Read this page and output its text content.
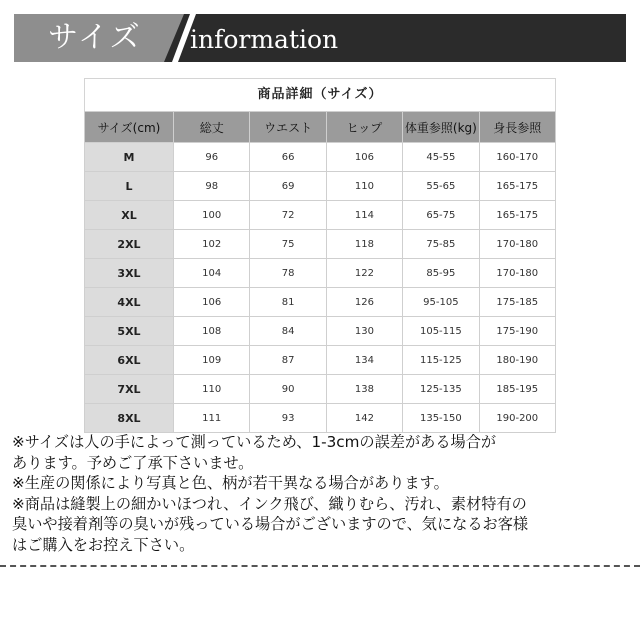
サイズ information
商品詳細（サイズ）
サイズ(cm)	総丈	ウエスト	ヒップ	体重参照(kg)	身長参照
M	96	66	106	45-55	160-170
L	98	69	110	55-65	165-175
XL	100	72	114	65-75	165-175
2XL	102	75	118	75-85	170-180
3XL	104	78	122	85-95	170-180
4XL	106	81	126	95-105	175-185
5XL	108	84	130	105-115	175-190
6XL	109	87	134	115-125	180-190
7XL	110	90	138	125-135	185-195
8XL	111	93	142	135-150	190-200
※サイズは人の手によって測っているため、1-3cmの誤差がある場合が
あります。予めご了承下さいませ。
※生産の関係により写真と色、柄が若干異なる場合があります。
※商品は縫製上の細かいほつれ、インク飛び、織りむら、汚れ、素材特有の
臭いや接着剤等の臭いが残っている場合がございますので、気になるお客様
はご購入をお控え下さい。
